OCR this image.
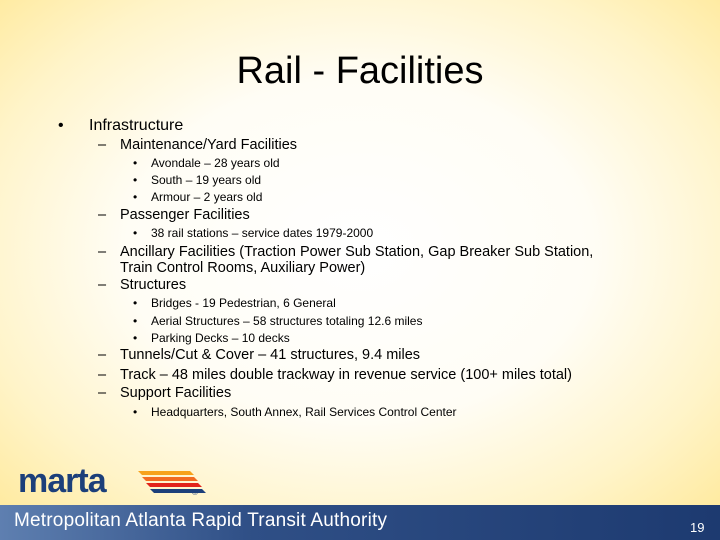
Rail - Facilities
• Infrastructure
– Maintenance/Yard Facilities
• Avondale – 28 years old
• South – 19 years old
• Armour – 2 years old
– Passenger Facilities
• 38 rail stations – service dates 1979-2000
– Ancillary Facilities (Traction Power Sub Station, Gap Breaker Sub Station,
Train Control Rooms, Auxiliary Power)
– Structures
• Bridges - 19 Pedestrian, 6 General
• Aerial Structures – 58 structures totaling 12.6 miles
• Parking Decks – 10 decks
– Tunnels/Cut & Cover – 41 structures, 9.4 miles
– Track – 48 miles double trackway in revenue service (100+ miles total)
– Support Facilities
• Headquarters, South Annex, Rail Services Control Center
marta	®
Metropolitan Atlanta Rapid Transit Authority	19
